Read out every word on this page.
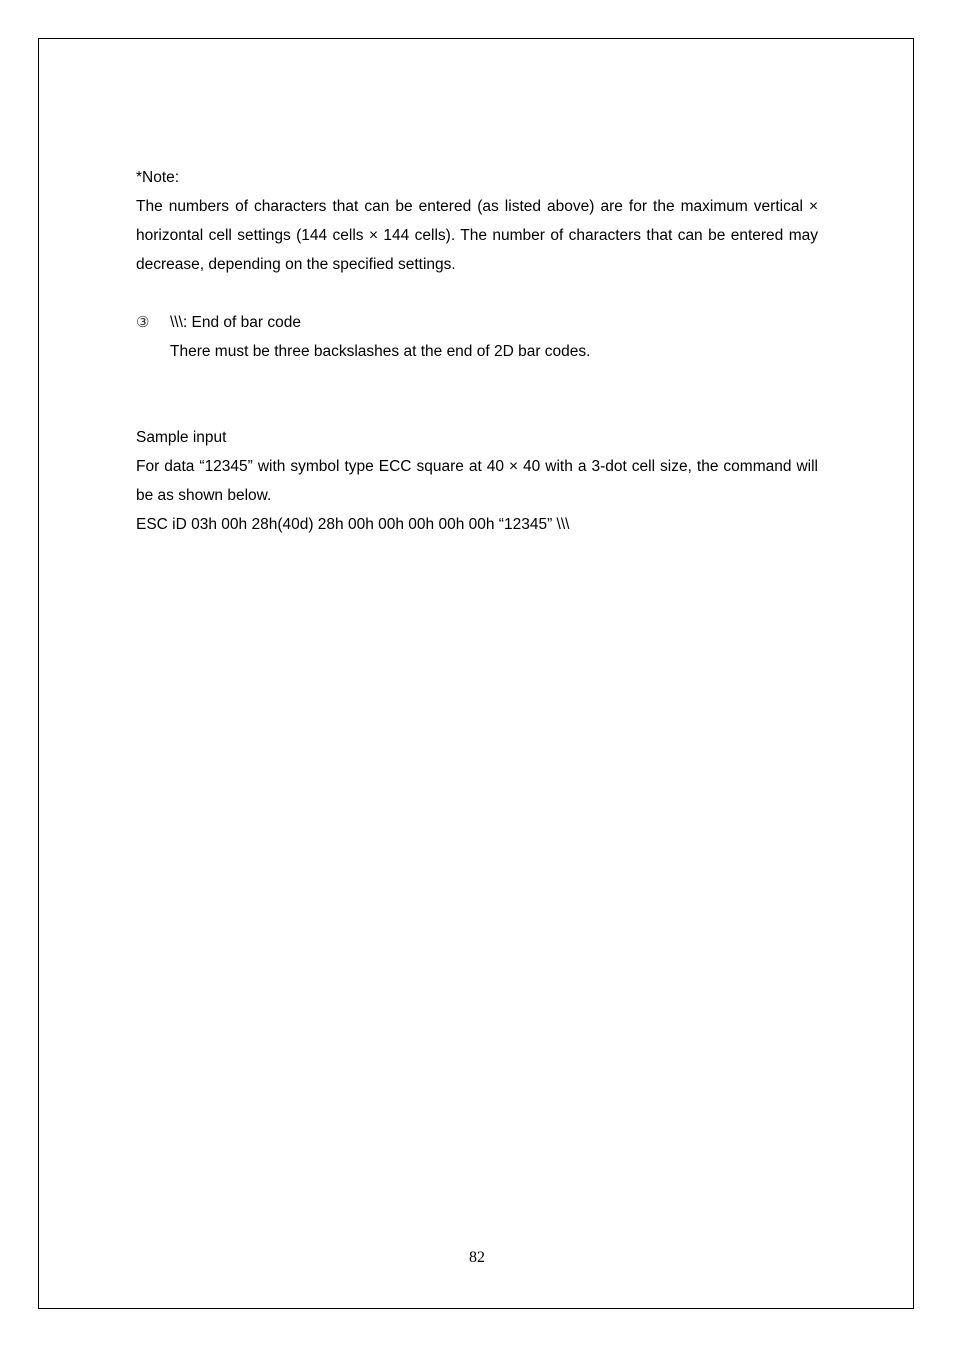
*Note:

The numbers of characters that can be entered (as listed above) are for the maximum vertical × horizontal cell settings (144 cells × 144 cells). The number of characters that can be entered may decrease, depending on the specified settings.

③	\\\: End of bar code
There must be three backslashes at the end of 2D bar codes.

Sample input

For data “12345” with symbol type ECC square at 40 × 40 with a 3-dot cell size, the command will be as shown below.

ESC iD 03h 00h 28h(40d) 28h 00h 00h 00h 00h 00h “12345” \\\

82
